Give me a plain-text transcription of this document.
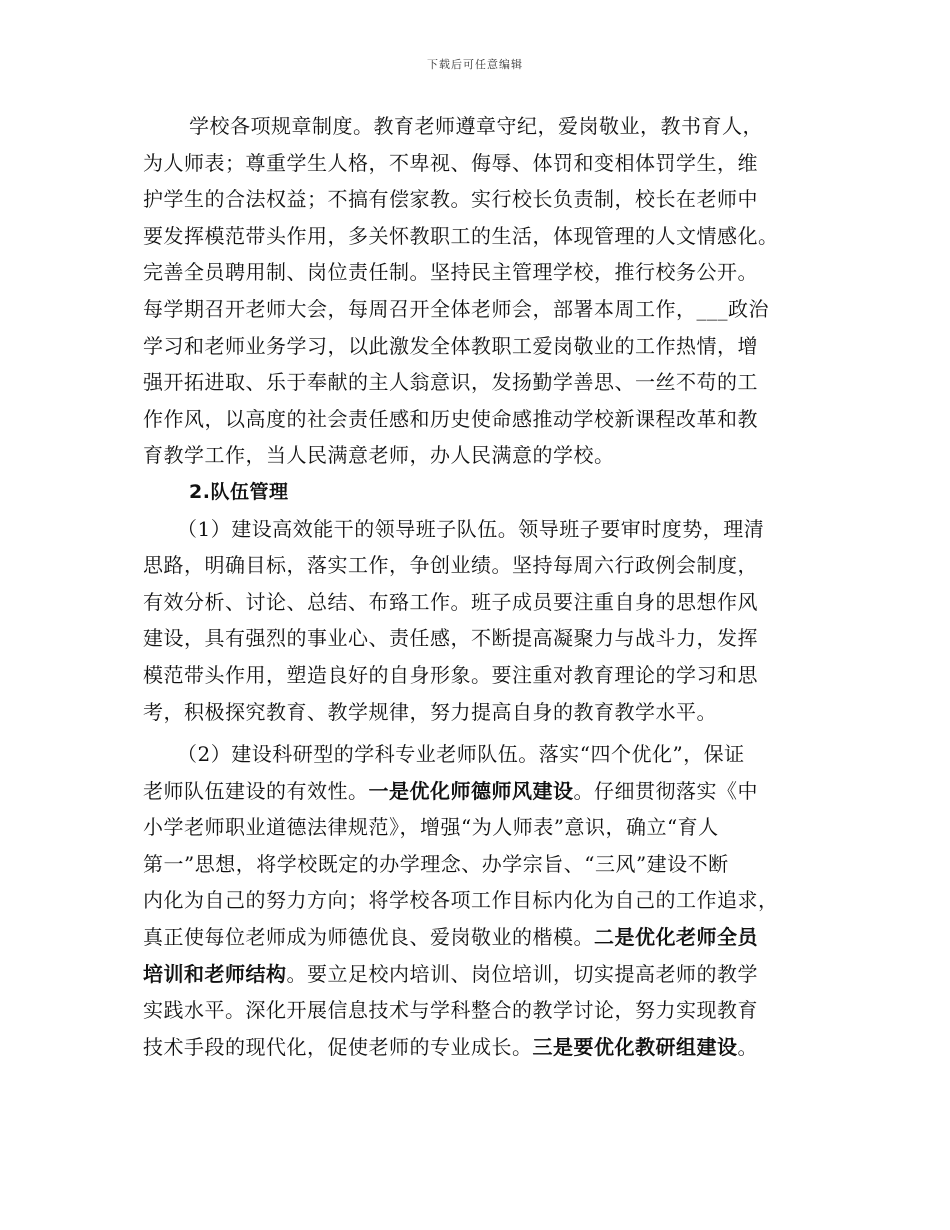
下载后可任意编辑
学校各项规章制度。教育老师遵章守纪，爱岗敬业，教书育人，
为人师表；尊重学生人格，不卑视、侮辱、体罚和变相体罚学生，维
护学生的合法权益；不搞有偿家教。实行校长负责制，校长在老师中
要发挥模范带头作用，多关怀教职工的生活，体现管理的人文情感化。
完善全员聘用制、岗位责任制。坚持民主管理学校，推行校务公开。
每学期召开老师大会，每周召开全体老师会，部署本周工作，___政治
学习和老师业务学习，以此激发全体教职工爱岗敬业的工作热情，增
强开拓进取、乐于奉献的主人翁意识，发扬勤学善思、一丝不苟的工
作作风，以高度的社会责任感和历史使命感推动学校新课程改革和教
育教学工作，当人民满意老师，办人民满意的学校。
2.队伍管理
（1）建设高效能干的领导班子队伍。领导班子要审时度势，理清
思路，明确目标，落实工作，争创业绩。坚持每周六行政例会制度，
有效分析、讨论、总结、布臵工作。班子成员要注重自身的思想作风
建设，具有强烈的事业心、责任感，不断提高凝聚力与战斗力，发挥
模范带头作用，塑造良好的自身形象。要注重对教育理论的学习和思
考，积极探究教育、教学规律，努力提高自身的教育教学水平。
（2）建设科研型的学科专业老师队伍。落实“四个优化”，保证
老师队伍建设的有效性。一是优化师德师风建设。仔细贯彻落实《中
小学老师职业道德法律规范》，增强“为人师表”意识，确立“育人
第一”思想，将学校既定的办学理念、办学宗旨、“三风”建设不断
内化为自己的努力方向；将学校各项工作目标内化为自己的工作追求，
真正使每位老师成为师德优良、爱岗敬业的楷模。二是优化老师全员
培训和老师结构。要立足校内培训、岗位培训，切实提高老师的教学
实践水平。深化开展信息技术与学科整合的教学讨论，努力实现教育
技术手段的现代化，促使老师的专业成长。三是要优化教研组建设。
